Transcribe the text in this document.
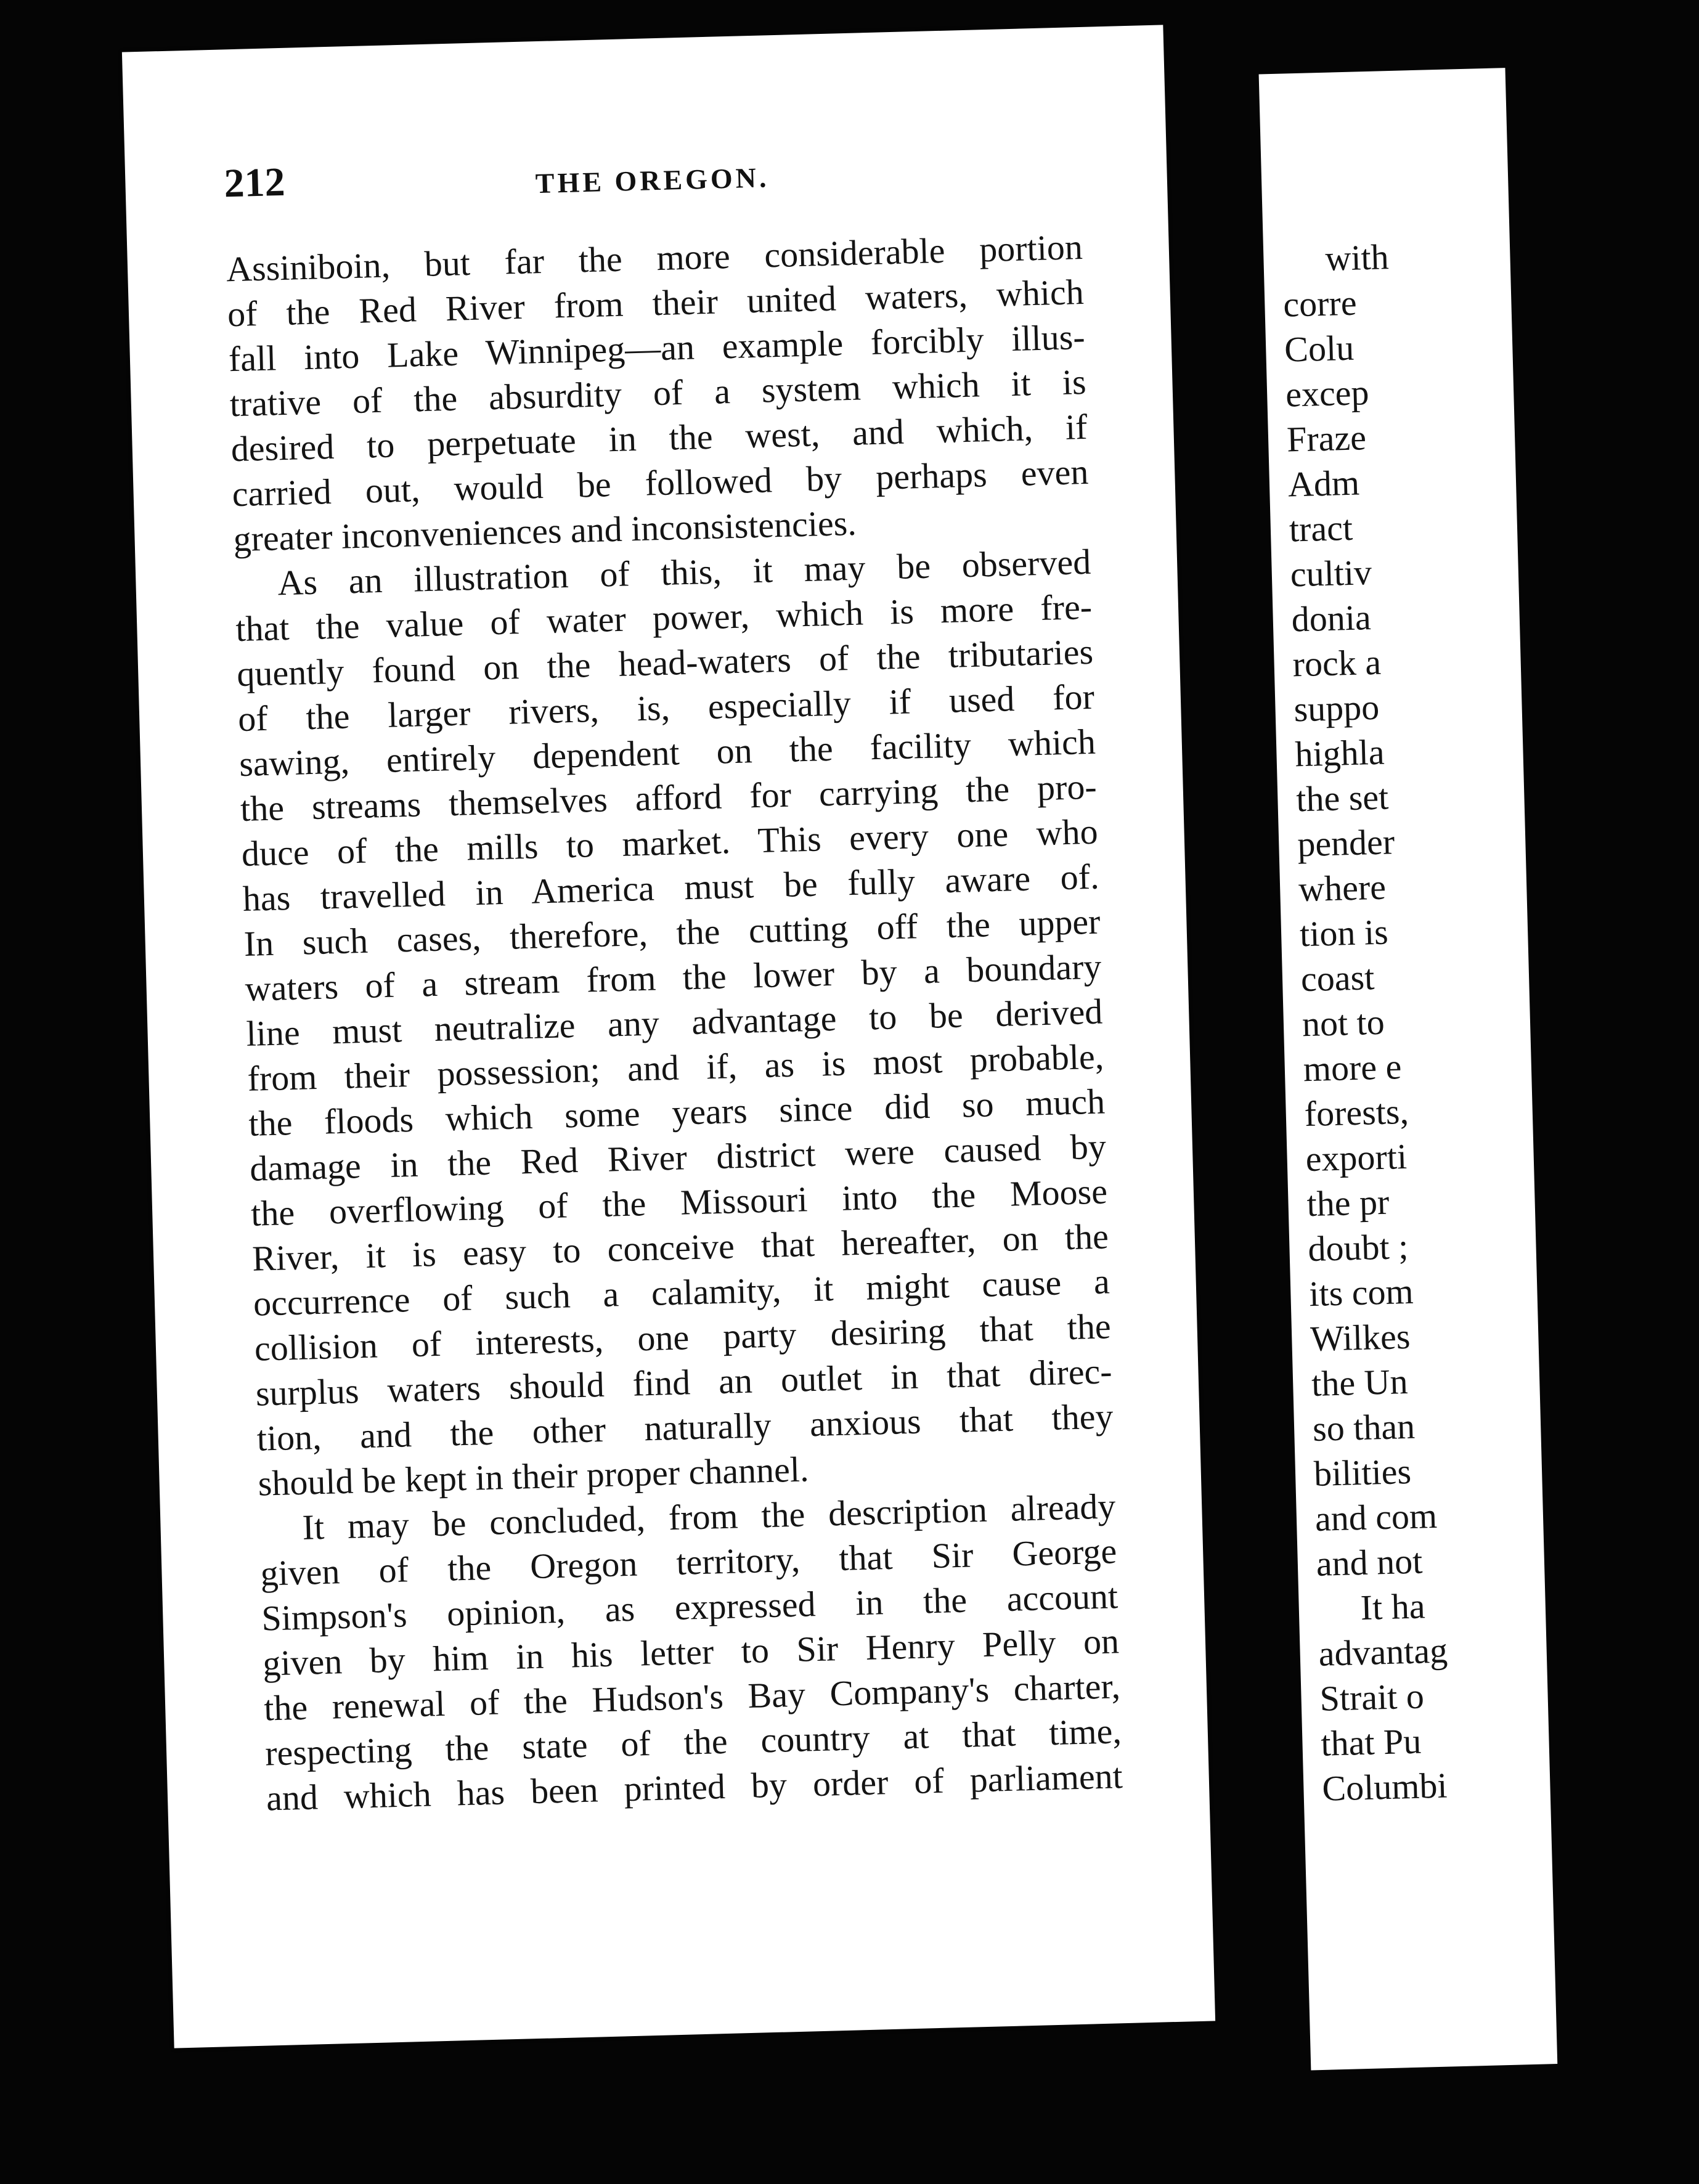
212	THE OREGON.
Assiniboin, but far the more considerable portion
of the Red River from their united waters, which
fall into Lake Winnipeg—an example forcibly illus-
trative of the absurdity of a system which it is
desired to perpetuate in the west, and which, if
carried out, would be followed by perhaps even
greater inconveniences and inconsistencies.
As an illustration of this, it may be observed
that the value of water power, which is more fre-
quently found on the head-waters of the tributaries
of the larger rivers, is, especially if used for
sawing, entirely dependent on the facility which
the streams themselves afford for carrying the pro-
duce of the mills to market. This every one who
has travelled in America must be fully aware of.
In such cases, therefore, the cutting off the upper
waters of a stream from the lower by a boundary
line must neutralize any advantage to be derived
from their possession; and if, as is most probable,
the floods which some years since did so much
damage in the Red River district were caused by
the overflowing of the Missouri into the Moose
River, it is easy to conceive that hereafter, on the
occurrence of such a calamity, it might cause a
collision of interests, one party desiring that the
surplus waters should find an outlet in that direc-
tion, and the other naturally anxious that they
should be kept in their proper channel.
It may be concluded, from the description already
given of the Oregon territory, that Sir George
Simpson's opinion, as expressed in the account
given by him in his letter to Sir Henry Pelly on
the renewal of the Hudson's Bay Company's charter,
respecting the state of the country at that time,
and which has been printed by order of parliament
with
corre
Colu
excep
Fraze
Adm
tract
cultiv
donia
rock a
suppo
highla
the set
pender
where
tion is
coast
not to
more e
forests,
exporti
the pr
doubt ;
its com
Wilkes
the Un
so than
bilities
and com
and not
It ha
advantag
Strait o
that Pu
Columbi
